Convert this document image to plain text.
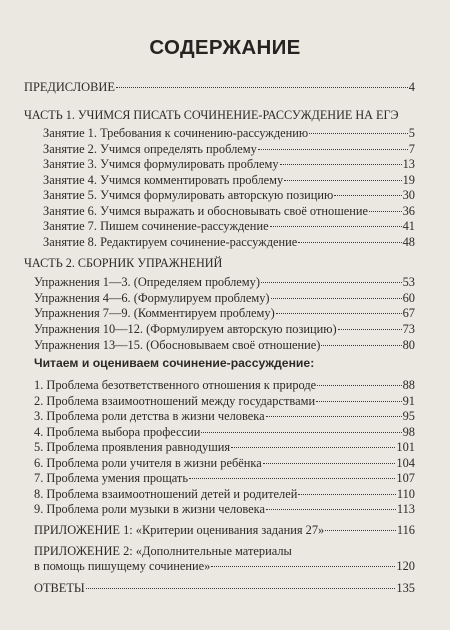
СОДЕРЖАНИЕ
ПРЕДИСЛОВИЕ	4
ЧАСТЬ 1. УЧИМСЯ ПИСАТЬ СОЧИНЕНИЕ-РАССУЖДЕНИЕ НА ЕГЭ
Занятие 1. Требования к сочинению-рассуждению	5
Занятие 2. Учимся определять проблему	7
Занятие 3. Учимся формулировать проблему	13
Занятие 4. Учимся комментировать проблему	19
Занятие 5. Учимся формулировать авторскую позицию	30
Занятие 6. Учимся выражать и обосновывать своё отношение	36
Занятие 7. Пишем сочинение-рассуждение	41
Занятие 8. Редактируем сочинение-рассуждение	48
ЧАСТЬ 2. СБОРНИК УПРАЖНЕНИЙ
Упражнения 1—3. (Определяем проблему)	53
Упражнения 4—6. (Формулируем проблему)	60
Упражнения 7—9. (Комментируем проблему)	67
Упражнения 10—12. (Формулируем авторскую позицию)	73
Упражнения 13—15. (Обосновываем своё отношение)	80
Читаем и оцениваем сочинение-рассуждение:
1. Проблема безответственного отношения к природе	88
2. Проблема взаимоотношений между государствами	91
3. Проблема роли детства в жизни человека	95
4. Проблема выбора профессии	98
5. Проблема проявления равнодушия	101
6. Проблема роли учителя в жизни ребёнка	104
7. Проблема умения прощать	107
8. Проблема взаимоотношений детей и родителей	110
9. Проблема роли музыки в жизни человека	113
ПРИЛОЖЕНИЕ 1: «Критерии оценивания задания 27»	116
ПРИЛОЖЕНИЕ 2: «Дополнительные материалы
в помощь пишущему сочинение»	120
ОТВЕТЫ	135
